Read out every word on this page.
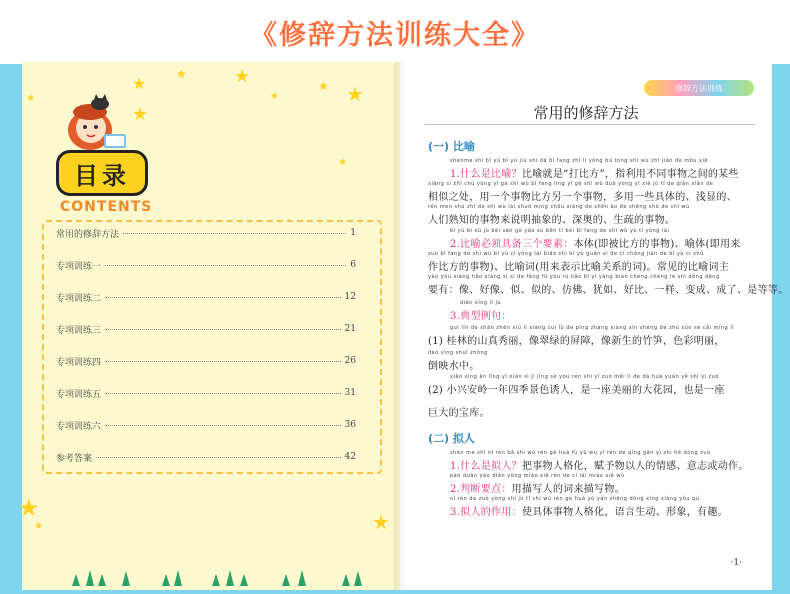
《修辞方法训练大全》
★
★ ★	★
★
★ ★
★
★
★
★	★
目录
CONTENTS
常用的修辞方法	1
专项训练一	6
专项训练二	12
专项训练三	21
专项训练四	26
专项训练五	31
专项训练六	36
参考答案	42
修辞方法训练
常用的修辞方法
(一) 比喻
shénme shì bǐ yù bǐ yù jiù shì dǎ bǐ fang zhǐ lì yòng bù tóng shì wù zhī jiān de mǒu xiē
1.什么是比喻？比喻就是“打比方”，指利用不同事物之间的某些
xiāng sì zhī chù yòng yī gè shì wù bǐ fang lìng yī gè shì wù duō yòng yī xiē jù tǐ de qiǎn xiǎn de
相似之处，用一个事物比方另一个事物，多用一些具体的、浅显的、
rén men shú zhī de shì wù lái shuō míng chōu xiàng de shēn ào de shēng shū de shì wù
人们熟知的事物来说明抽象的、深奥的、生疏的事物。
bǐ yù bì xū jù bèi sān gè yào sù běn tǐ bèi bǐ fang de shì wù yù tǐ yòng lái
2.比喻必须具备三个要素：本体(即被比方的事物)、喻体(即用来
zuò bǐ fang de shì wù bǐ yù cí yòng lái biǎo shì bǐ yù guān xi de cí cháng jiàn de bǐ yù cí zhǔ
作比方的事物)、比喻词(用来表示比喻关系的词)。常见的比喻词主
yào yǒu xiàng hǎo xiàng sì sì de fǎng fú yóu rú hǎo bǐ yī yàng biàn chéng chéng le shì děng děng
要有：像、好像、似、似的、仿佛、犹如、好比、一样、变成、成了、是等等。
diǎn xíng lì jù
3.典型例句：
guì lín de shān zhēn xiù lì xiàng cuì lǜ de píng zhàng xiàng xīn shēng de zhú sǔn sè cǎi míng lì
(1) 桂林的山真秀丽，像翠绿的屏障，像新生的竹笋，色彩明丽，
dào yìng shuǐ zhōng
倒映水中。
xiǎo xìng ān lǐng yī nián sì jì jǐng sè yòu rén shì yī zuò měi lì de dà huā yuán yě shì yī zuò
(2) 小兴安岭一年四季景色诱人，是一座美丽的大花园，也是一座
巨大的宝库。
(二) 拟人
shén me shì nǐ rén bǎ shì wù rén gé huà fù yǔ wù yǐ rén de qíng gǎn yì zhì hé dòng zuò
1.什么是拟人？把事物人格化，赋予物以人的情感、意志或动作。
pàn duàn yào diǎn yòng miáo xiě rén de cí lái miáo xiě wù
2.判断要点：用描写人的词来描写物。
nǐ rén de zuò yòng shǐ jù tǐ shì wù rén gé huà yǔ yán shēng dòng xíng xiàng yǒu qù
3.拟人的作用：使具体事物人格化，语言生动、形象，有趣。
·1·
